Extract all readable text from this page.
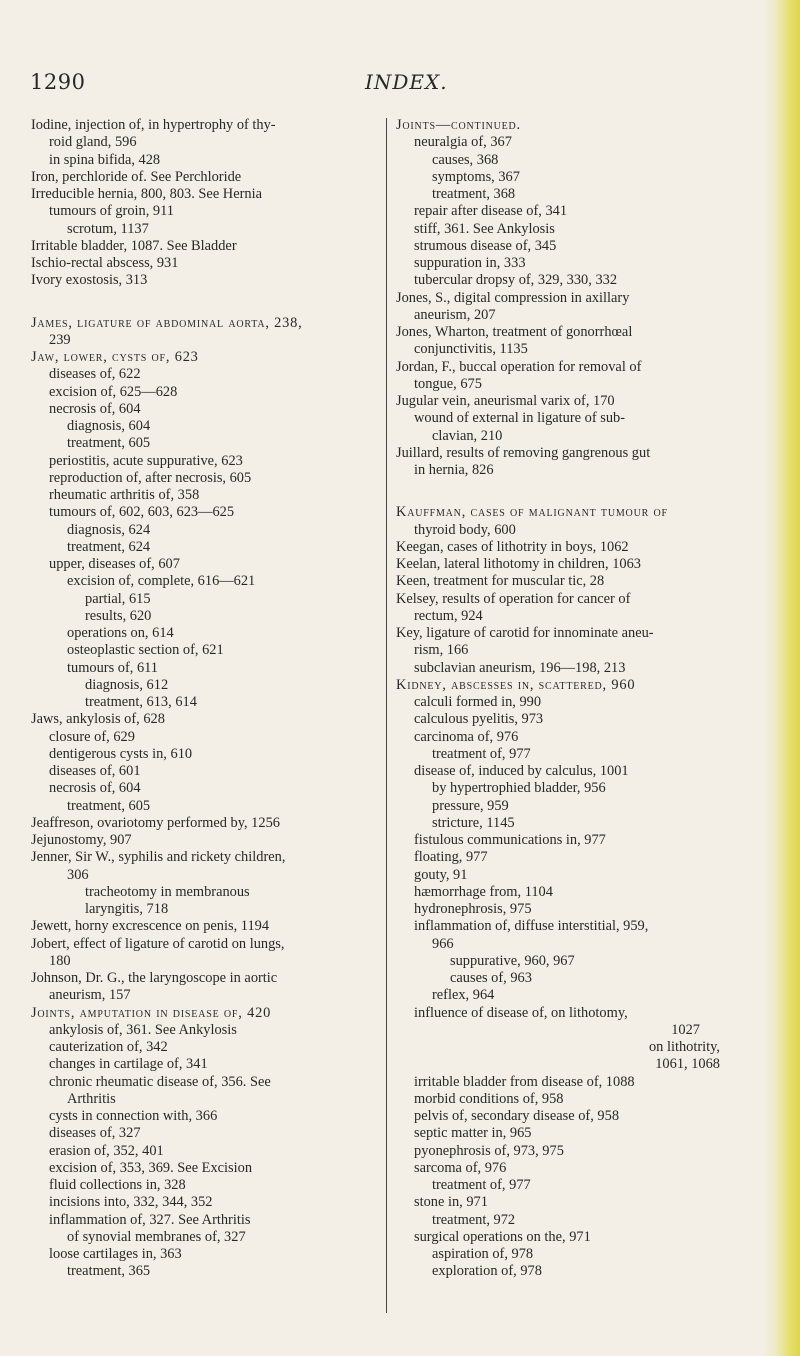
1290	INDEX.
Iodine, injection of, in hypertrophy of thy-
roid gland, 596
in spina bifida, 428
Iron, perchloride of. See Perchloride
Irreducible hernia, 800, 803. See Hernia
tumours of groin, 911
scrotum, 1137
Irritable bladder, 1087. See Bladder
Ischio-rectal abscess, 931
Ivory exostosis, 313
James, ligature of abdominal aorta, 238,
239
Jaw, lower, cysts of, 623
diseases of, 622
excision of, 625—628
necrosis of, 604
diagnosis, 604
treatment, 605
periostitis, acute suppurative, 623
reproduction of, after necrosis, 605
rheumatic arthritis of, 358
tumours of, 602, 603, 623—625
diagnosis, 624
treatment, 624
upper, diseases of, 607
excision of, complete, 616—621
partial, 615
results, 620
operations on, 614
osteoplastic section of, 621
tumours of, 611
diagnosis, 612
treatment, 613, 614
Jaws, ankylosis of, 628
closure of, 629
dentigerous cysts in, 610
diseases of, 601
necrosis of, 604
treatment, 605
Jeaffreson, ovariotomy performed by, 1256
Jejunostomy, 907
Jenner, Sir W., syphilis and rickety children,
306
tracheotomy in membranous
laryngitis, 718
Jewett, horny excrescence on penis, 1194
Jobert, effect of ligature of carotid on lungs,
180
Johnson, Dr. G., the laryngoscope in aortic
aneurism, 157
Joints, amputation in disease of, 420
ankylosis of, 361. See Ankylosis
cauterization of, 342
changes in cartilage of, 341
chronic rheumatic disease of, 356. See
Arthritis
cysts in connection with, 366
diseases of, 327
erasion of, 352, 401
excision of, 353, 369. See Excision
fluid collections in, 328
incisions into, 332, 344, 352
inflammation of, 327. See Arthritis
of synovial membranes of, 327
loose cartilages in, 363
treatment, 365
Joints—continued.
neuralgia of, 367
causes, 368
symptoms, 367
treatment, 368
repair after disease of, 341
stiff, 361. See Ankylosis
strumous disease of, 345
suppuration in, 333
tubercular dropsy of, 329, 330, 332
Jones, S., digital compression in axillary
aneurism, 207
Jones, Wharton, treatment of gonorrhœal
conjunctivitis, 1135
Jordan, F., buccal operation for removal of
tongue, 675
Jugular vein, aneurismal varix of, 170
wound of external in ligature of sub-
clavian, 210
Juillard, results of removing gangrenous gut
in hernia, 826
Kauffman, cases of malignant tumour of
thyroid body, 600
Keegan, cases of lithotrity in boys, 1062
Keelan, lateral lithotomy in children, 1063
Keen, treatment for muscular tic, 28
Kelsey, results of operation for cancer of
rectum, 924
Key, ligature of carotid for innominate aneu-
rism, 166
subclavian aneurism, 196—198, 213
Kidney, abscesses in, scattered, 960
calculi formed in, 990
calculous pyelitis, 973
carcinoma of, 976
treatment of, 977
disease of, induced by calculus, 1001
by hypertrophied bladder, 956
pressure, 959
stricture, 1145
fistulous communications in, 977
floating, 977
gouty, 91
hæmorrhage from, 1104
hydronephrosis, 975
inflammation of, diffuse interstitial, 959,
966
suppurative, 960, 967
causes of, 963
reflex, 964
influence of disease of, on lithotomy,
1027
on lithotrity,
1061, 1068
irritable bladder from disease of, 1088
morbid conditions of, 958
pelvis of, secondary disease of, 958
septic matter in, 965
pyonephrosis of, 973, 975
sarcoma of, 976
treatment of, 977
stone in, 971
treatment, 972
surgical operations on the, 971
aspiration of, 978
exploration of, 978
